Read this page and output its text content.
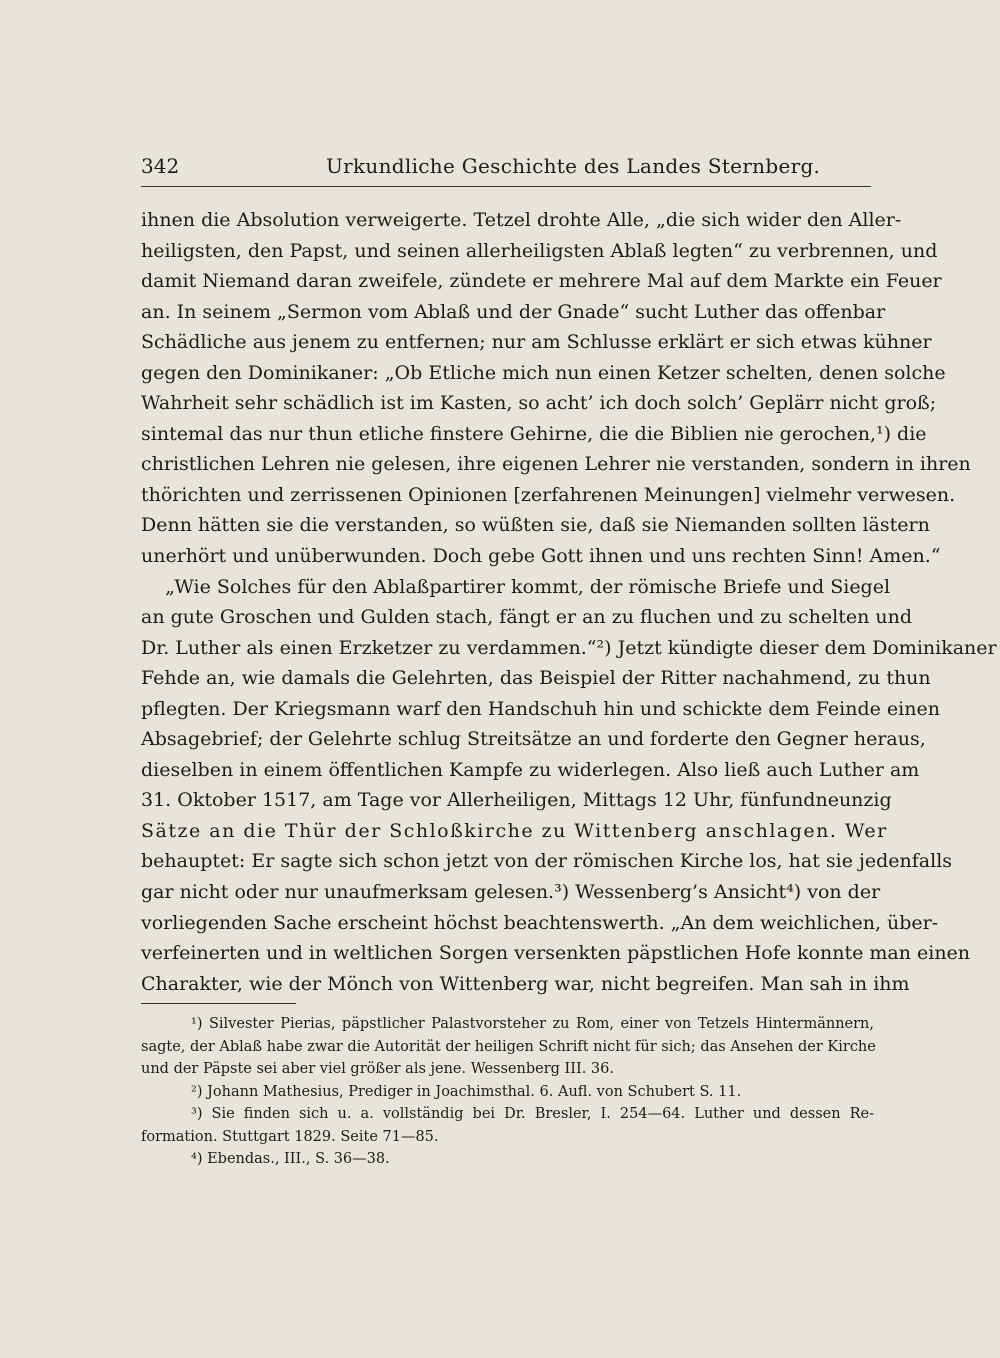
342	Urkundliche Geschichte des Landes Sternberg.
ihnen die Absolution verweigerte. Tetzel drohte Alle, „die sich wider den Aller-
heiligsten, den Papst, und seinen allerheiligsten Ablaß legten“ zu verbrennen, und
damit Niemand daran zweifele, zündete er mehrere Mal auf dem Markte ein Feuer
an. In seinem „Sermon vom Ablaß und der Gnade“ sucht Luther das offenbar
Schädliche aus jenem zu entfernen; nur am Schlusse erklärt er sich etwas kühner
gegen den Dominikaner: „Ob Etliche mich nun einen Ketzer schelten, denen solche
Wahrheit sehr schädlich ist im Kasten, so acht’ ich doch solch’ Geplärr nicht groß;
sintemal das nur thun etliche finstere Gehirne, die die Biblien nie gerochen,¹) die
christlichen Lehren nie gelesen, ihre eigenen Lehrer nie verstanden, sondern in ihren
thörichten und zerrissenen Opinionen [zerfahrenen Meinungen] vielmehr verwesen.
Denn hätten sie die verstanden, so wüßten sie, daß sie Niemanden sollten lästern
unerhört und unüberwunden. Doch gebe Gott ihnen und uns rechten Sinn! Amen.“
„Wie Solches für den Ablaßpartirer kommt, der römische Briefe und Siegel
an gute Groschen und Gulden stach, fängt er an zu fluchen und zu schelten und
Dr. Luther als einen Erzketzer zu verdammen.“²) Jetzt kündigte dieser dem Dominikaner
Fehde an, wie damals die Gelehrten, das Beispiel der Ritter nachahmend, zu thun
pflegten. Der Kriegsmann warf den Handschuh hin und schickte dem Feinde einen
Absagebrief; der Gelehrte schlug Streitsätze an und forderte den Gegner heraus,
dieselben in einem öffentlichen Kampfe zu widerlegen. Also ließ auch Luther am
31. Oktober 1517, am Tage vor Allerheiligen, Mittags 12 Uhr, fünfundneunzig
Sätze an die Thür der Schloßkirche zu Wittenberg anschlagen. Wer
behauptet: Er sagte sich schon jetzt von der römischen Kirche los, hat sie jedenfalls
gar nicht oder nur unaufmerksam gelesen.³) Wessenberg’s Ansicht⁴) von der
vorliegenden Sache erscheint höchst beachtenswerth. „An dem weichlichen, über-
verfeinerten und in weltlichen Sorgen versenkten päpstlichen Hofe konnte man einen
Charakter, wie der Mönch von Wittenberg war, nicht begreifen. Man sah in ihm
¹) Silvester Pierias, päpstlicher Palastvorsteher zu Rom, einer von Tetzels Hintermännern,
sagte, der Ablaß habe zwar die Autorität der heiligen Schrift nicht für sich; das Ansehen der Kirche
und der Päpste sei aber viel größer als jene. Wessenberg III. 36.
²) Johann Mathesius, Prediger in Joachimsthal. 6. Aufl. von Schubert S. 11.
³) Sie finden sich u. a. vollständig bei Dr. Bresler, I. 254—64. Luther und dessen Re-
formation. Stuttgart 1829. Seite 71—85.
⁴) Ebendas., III., S. 36—38.
